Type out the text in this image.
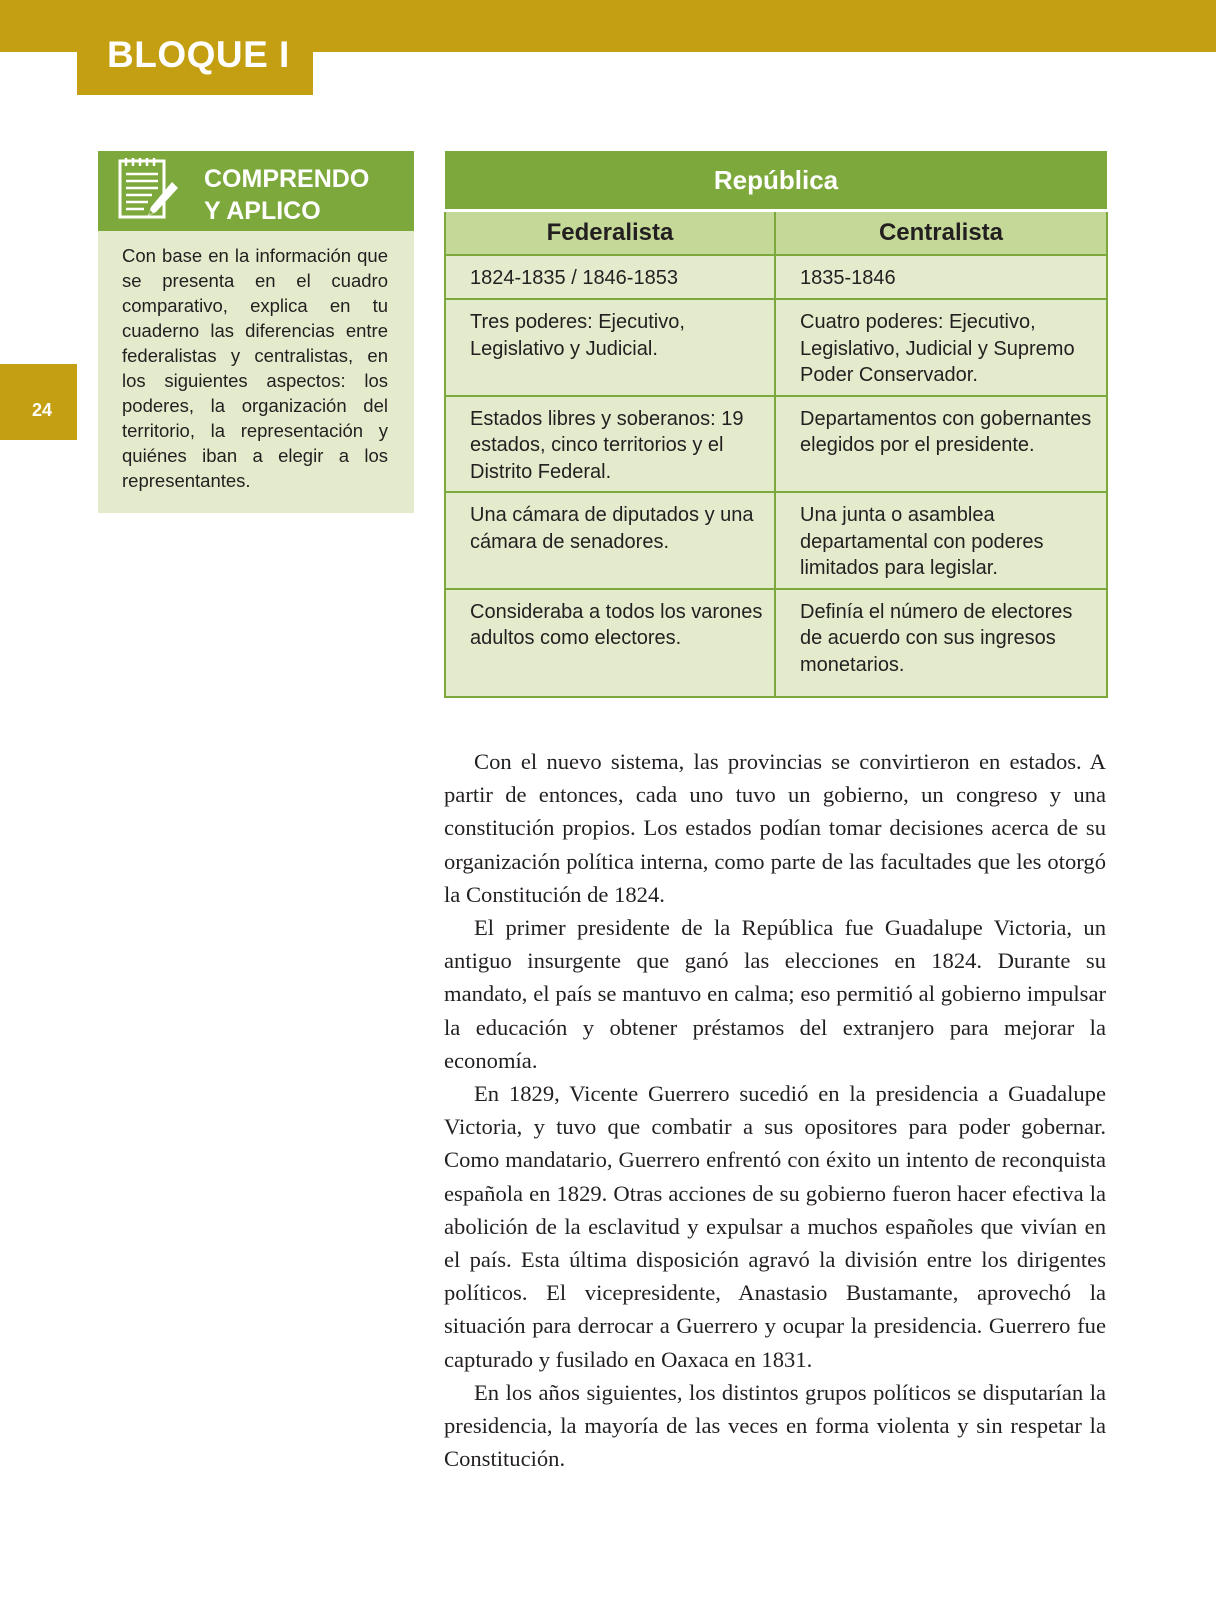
BLOQUE I
24
COMPRENDO
Y APLICO
Con base en la información que se presenta en el cuadro comparativo, explica en tu cuaderno las diferencias entre federalistas y centralistas, en los siguientes aspectos: los poderes, la organización del territorio, la representación y quiénes iban a elegir a los representantes.
República	
Federalista	Centralista
1824-1835 / 1846-1853	1835-1846
Tres poderes: Ejecutivo, Legislativo y Judicial.	Cuatro poderes: Ejecutivo, Legislativo, Judicial y Supremo Poder Conservador.
Estados libres y soberanos: 19 estados, cinco territorios y el Distrito Federal.	Departamentos con gobernantes elegidos por el presidente.
Una cámara de diputados y una cámara de senadores.	Una junta o asamblea departamental con poderes limitados para legislar.
Consideraba a todos los varones adultos como electores.	Definía el número de electores de acuerdo con sus ingresos monetarios.

Con el nuevo sistema, las provincias se convirtieron en estados. A partir de entonces, cada uno tuvo un gobierno, un congreso y una constitución propios. Los estados podían tomar decisiones acerca de su organización política interna, como parte de las facultades que les otorgó la Constitución de 1824.

El primer presidente de la República fue Guadalupe Victoria, un antiguo insurgente que ganó las elecciones en 1824. Durante su mandato, el país se mantuvo en calma; eso permitió al gobierno impulsar la educación y obtener préstamos del extranjero para mejorar la economía.

En 1829, Vicente Guerrero sucedió en la presidencia a Guadalupe Victoria, y tuvo que combatir a sus opositores para poder gobernar. Como mandatario, Guerrero enfrentó con éxito un intento de reconquista española en 1829. Otras acciones de su gobierno fueron hacer efectiva la abolición de la esclavitud y expulsar a muchos españoles que vivían en el país. Esta última disposición agravó la división entre los dirigentes políticos. El vicepresidente, Anastasio Bustamante, aprovechó la situación para derrocar a Guerrero y ocupar la presidencia. Guerrero fue capturado y fusilado en Oaxaca en 1831.

En los años siguientes, los distintos grupos políticos se disputarían la presidencia, la mayoría de las veces en forma violenta y sin respetar la Constitución.
